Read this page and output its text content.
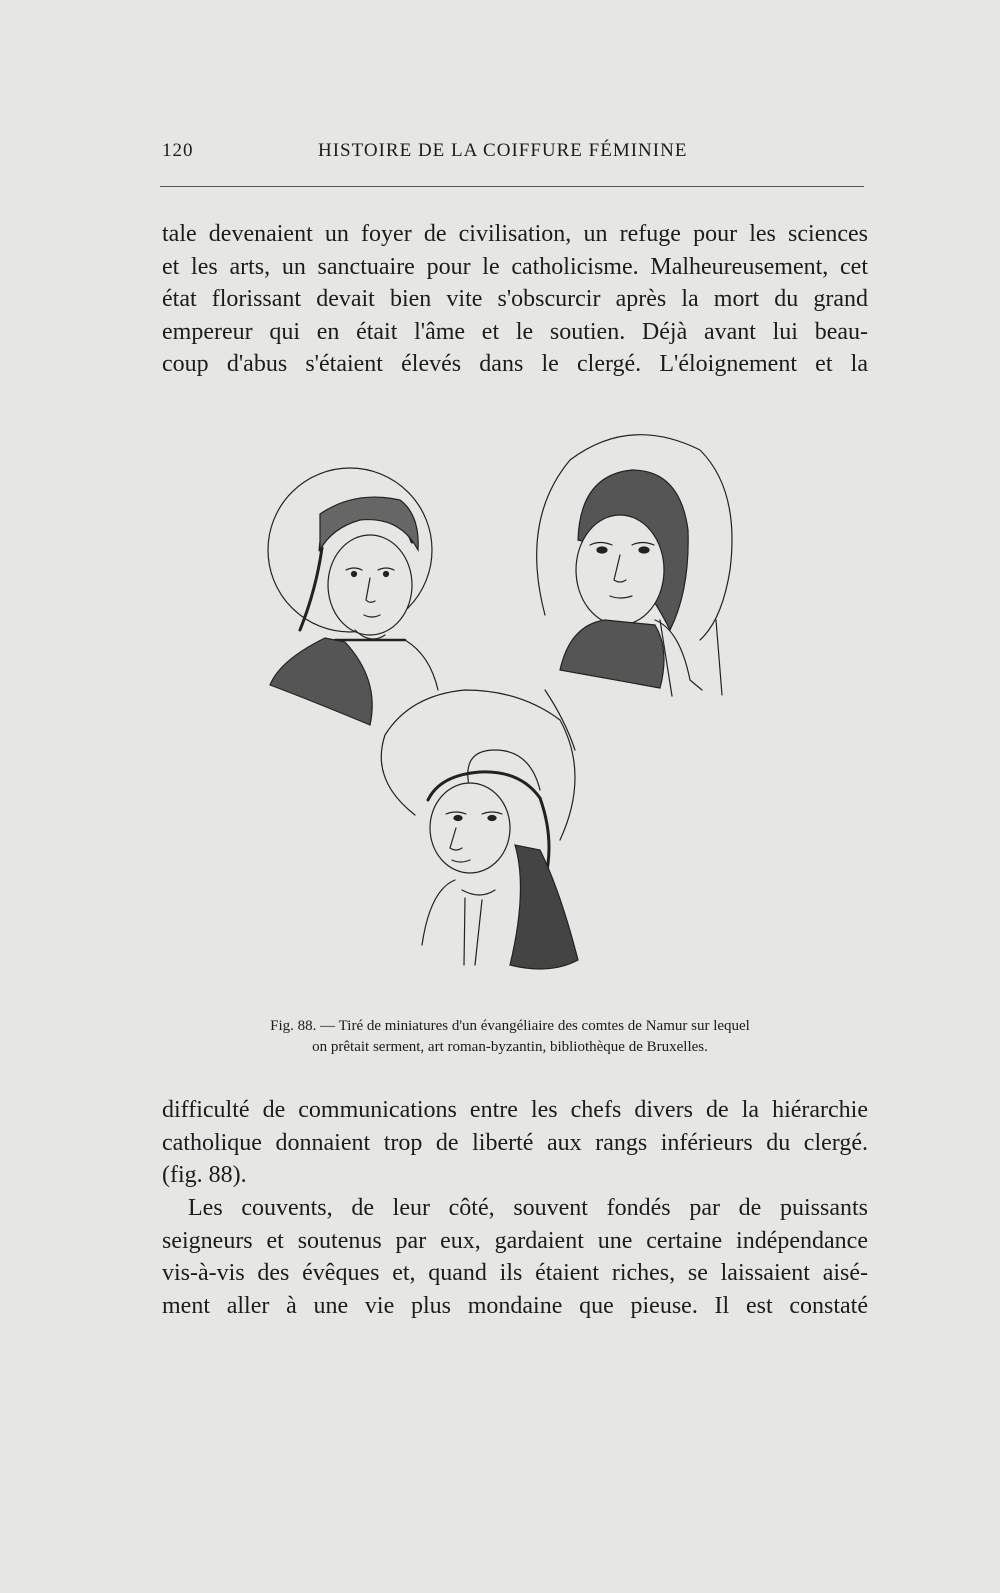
120	HISTOIRE DE LA COIFFURE FÉMININE
tale devenaient un foyer de civilisation, un refuge pour les sciences
et les arts, un sanctuaire pour le catholicisme. Malheureusement, cet
état florissant devait bien vite s'obscurcir après la mort du grand
empereur qui en était l'âme et le soutien. Déjà avant lui beau-
coup d'abus s'étaient élevés dans le clergé. L'éloignement et la
Fig. 88. — Tiré de miniatures d'un évangéliaire des comtes de Namur sur lequel
on prêtait serment, art roman-byzantin, bibliothèque de Bruxelles.
difficulté de communications entre les chefs divers de la hiérarchie
catholique donnaient trop de liberté aux rangs inférieurs du clergé.
(fig. 88).
Les couvents, de leur côté, souvent fondés par de puissants
seigneurs et soutenus par eux, gardaient une certaine indépendance
vis-à-vis des évêques et, quand ils étaient riches, se laissaient aisé-
ment aller à une vie plus mondaine que pieuse. Il est constaté
